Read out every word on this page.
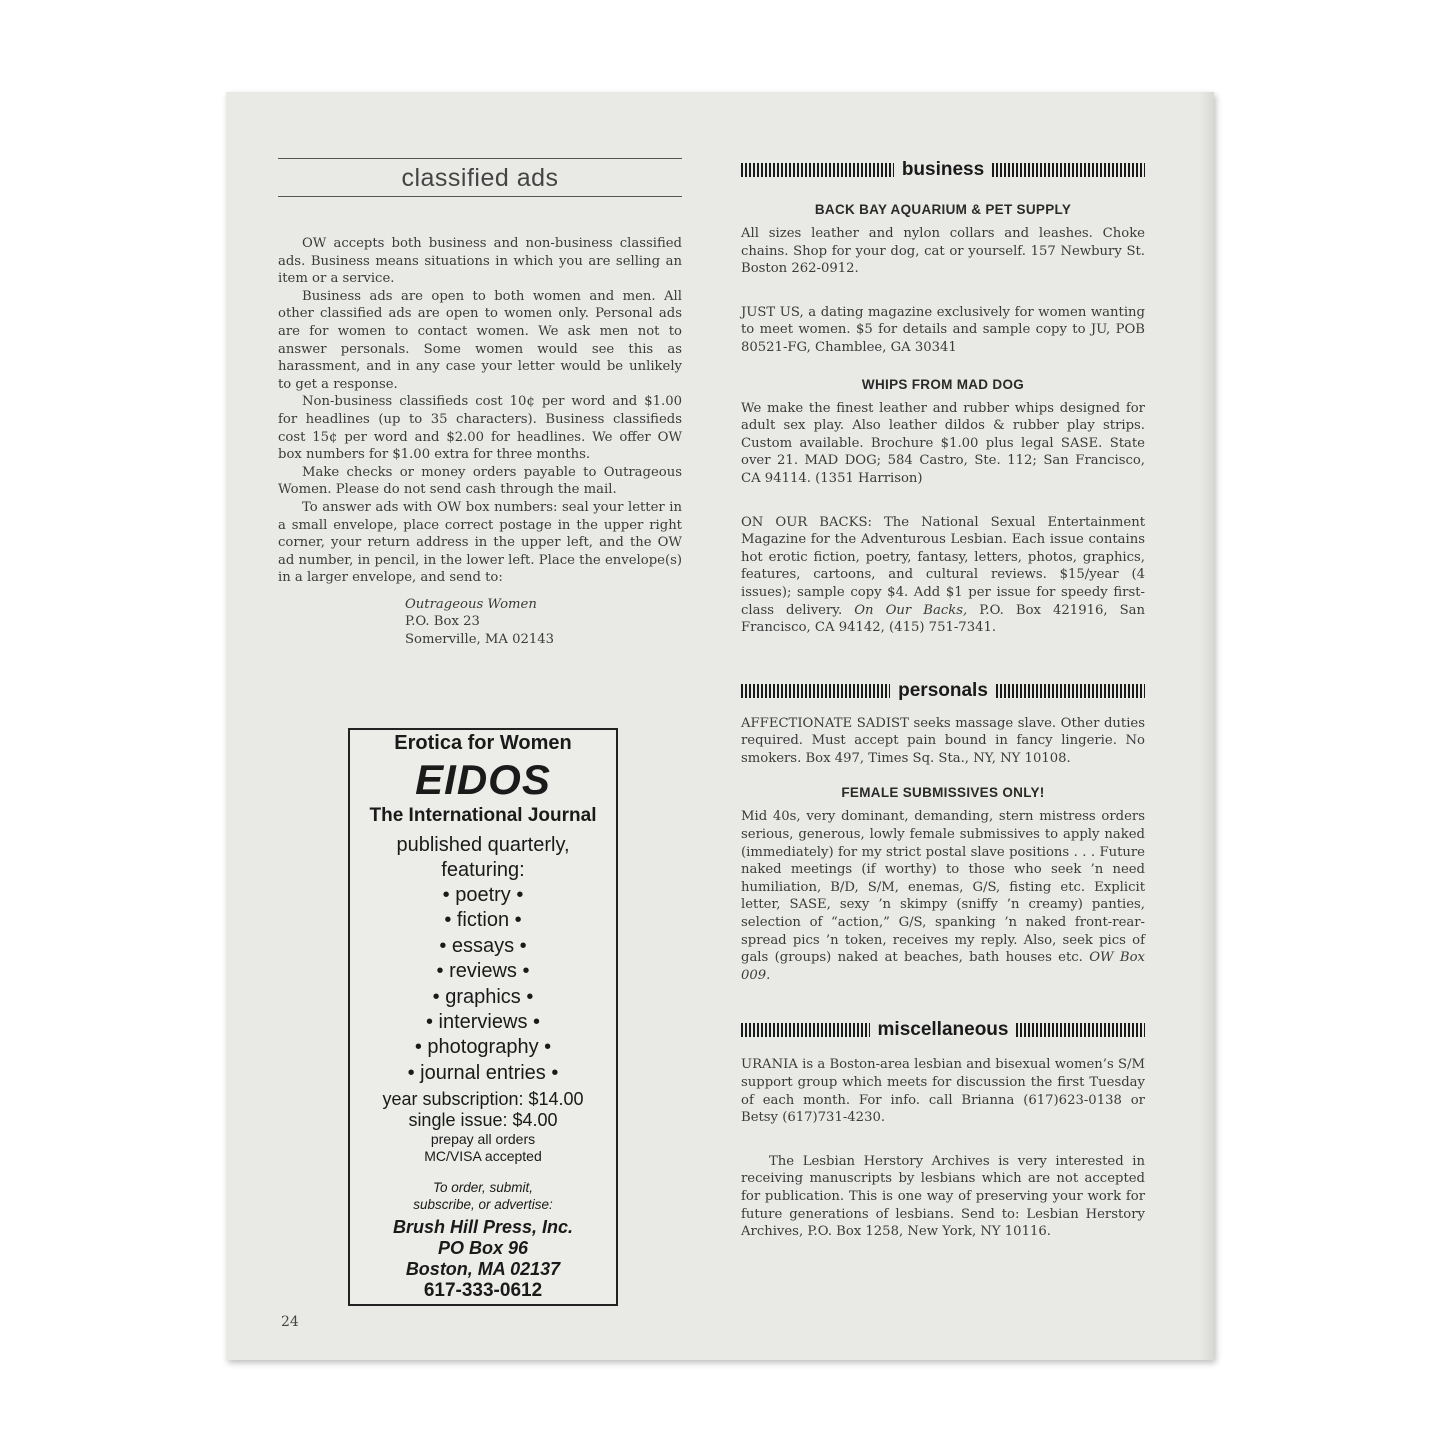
classified ads

OW accepts both business and non-business classified ads. Business means situations in which you are selling an item or a service.

Business ads are open to both women and men. All other classified ads are open to women only. Personal ads are for women to contact women. We ask men not to answer personals. Some women would see this as harassment, and in any case your letter would be unlikely to get a response.

Non-business classifieds cost 10¢ per word and $1.00 for headlines (up to 35 characters). Business classifieds cost 15¢ per word and $2.00 for headlines. We offer OW box numbers for $1.00 extra for three months.

Make checks or money orders payable to Outrageous Women. Please do not send cash through the mail.

To answer ads with OW box numbers: seal your letter in a small envelope, place correct postage in the upper right corner, your return address in the upper left, and the OW ad number, in pencil, in the lower left. Place the envelope(s) in a larger envelope, and send to:

Outrageous Women
P.O. Box 23
Somerville, MA 02143
Erotica for Women
EIDOS
The International Journal
published quarterly,
featuring:
• poetry •
• fiction •
• essays •
• reviews •
• graphics •
• interviews •
• photography •
• journal entries •
year subscription: $14.00
single issue: $4.00
prepay all orders
MC/VISA accepted
To order, submit,
subscribe, or advertise:
Brush Hill Press, Inc.
PO Box 96
Boston, MA 02137
617-333-0612
24
business

BACK BAY AQUARIUM & PET SUPPLY

All sizes leather and nylon collars and leashes. Choke chains. Shop for your dog, cat or yourself. 157 Newbury St. Boston 262-0912.

JUST US, a dating magazine exclusively for women wanting to meet women. $5 for details and sample copy to JU, POB 80521-FG, Chamblee, GA 30341

WHIPS FROM MAD DOG

We make the finest leather and rubber whips designed for adult sex play. Also leather dildos & rubber play strips. Custom available. Brochure $1.00 plus legal SASE. State over 21. MAD DOG; 584 Castro, Ste. 112; San Francisco, CA 94114. (1351 Harrison)

ON OUR BACKS: The National Sexual Entertainment Magazine for the Adventurous Lesbian. Each issue contains hot erotic fiction, poetry, fantasy, letters, photos, graphics, features, cartoons, and cultural reviews. $15/year (4 issues); sample copy $4. Add $1 per issue for speedy first-class delivery. On Our Backs, P.O. Box 421916, San Francisco, CA 94142, (415) 751-7341.

personals

AFFECTIONATE SADIST seeks massage slave. Other duties required. Must accept pain bound in fancy lingerie. No smokers. Box 497, Times Sq. Sta., NY, NY 10108.

FEMALE SUBMISSIVES ONLY!

Mid 40s, very dominant, demanding, stern mistress orders serious, generous, lowly female submissives to apply naked (immediately) for my strict postal slave positions . . . Future naked meetings (if worthy) to those who seek ’n need humiliation, B/D, S/M, enemas, G/S, fisting etc. Explicit letter, SASE, sexy ’n skimpy (sniffy ’n creamy) panties, selection of “action,” G/S, spanking ’n naked front-rear-spread pics ’n token, receives my reply. Also, seek pics of gals (groups) naked at beaches, bath houses etc. OW Box 009.

miscellaneous

URANIA is a Boston-area lesbian and bisexual women’s S/M support group which meets for discussion the first Tuesday of each month. For info. call Brianna (617)623-0138 or Betsy (617)731-4230.

The Lesbian Herstory Archives is very interested in receiving manuscripts by lesbians which are not accepted for publication. This is one way of preserving your work for future generations of lesbians. Send to: Lesbian Herstory Archives, P.O. Box 1258, New York, NY 10116.
